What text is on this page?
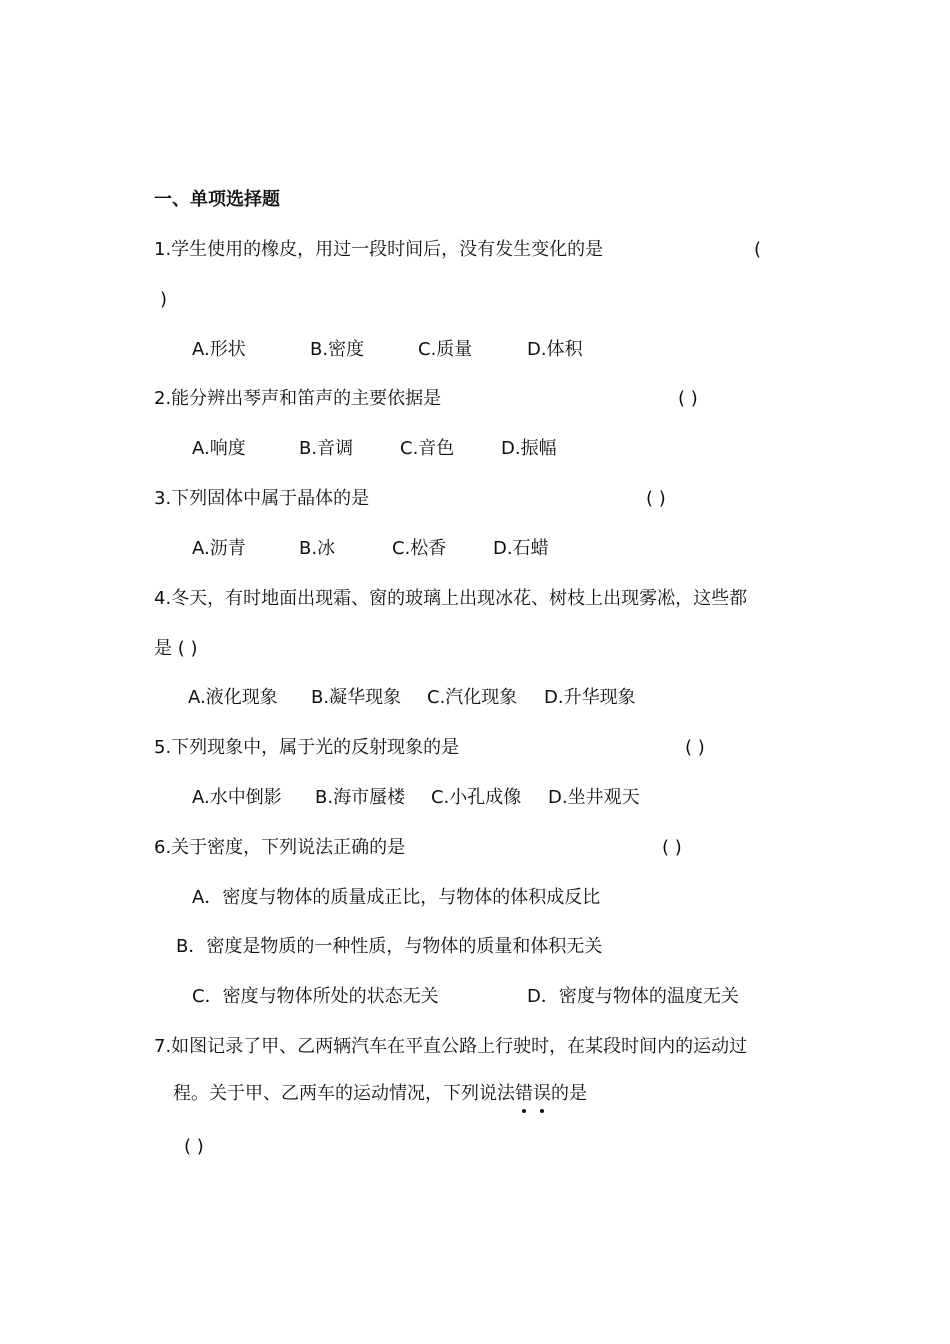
一、单项选择题
1.学生使用的橡皮，用过一段时间后，没有发生变化的是	(
)
A.形状	B.密度	C.质量	D.体积
2.能分辨出琴声和笛声的主要依据是	( )
A.响度	B.音调	C.音色	D.振幅
3.下列固体中属于晶体的是	( )
A.沥青	B.冰	C.松香	D.石蜡
4.冬天，有时地面出现霜、窗的玻璃上出现冰花、树枝上出现雾凇，这些都
是 ( )
A.液化现象 B.凝华现象 C.汽化现象 D.升华现象
5.下列现象中，属于光的反射现象的是	( )
A.水中倒影 B.海市蜃楼 C.小孔成像 D.坐井观天
6.关于密度，下列说法正确的是	( )
A．密度与物体的质量成正比，与物体的体积成反比
B．密度是物质的一种性质，与物体的质量和体积无关
C．密度与物体所处的状态无关	D．密度与物体的温度无关
7.如图记录了甲、乙两辆汽车在平直公路上行驶时，在某段时间内的运动过
程。关于甲、乙两车的运动情况，下列说法错误
的是
( )
